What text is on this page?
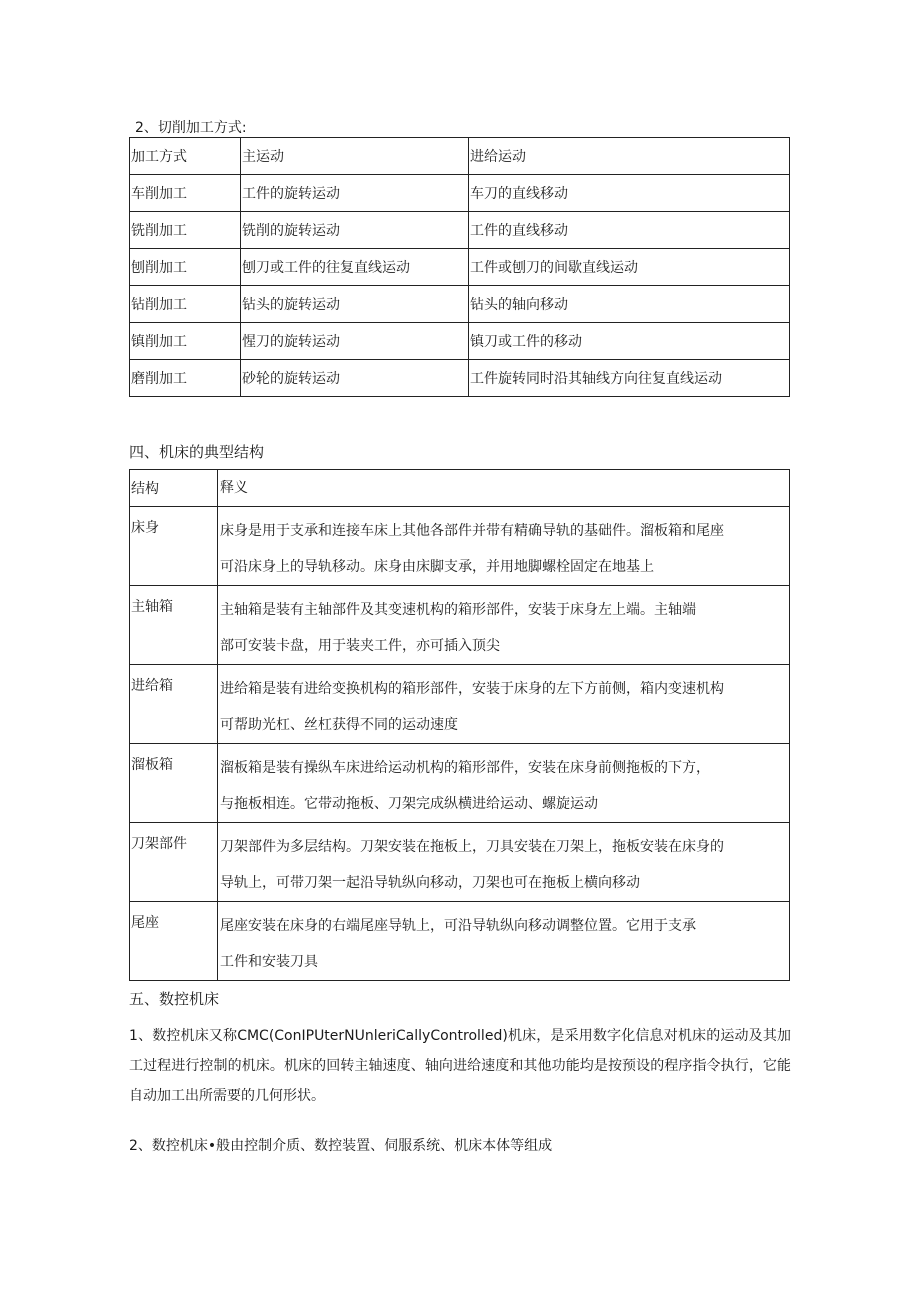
2、切削加工方式:
加工方式	主运动	进给运动
车削加工	工件的旋转运动	车刀的直线移动
铣削加工	铣削的旋转运动	工件的直线移动
刨削加工	刨刀或工件的往复直线运动	工件或刨刀的间歇直线运动
钻削加工	钻头的旋转运动	钻头的轴向移动
镇削加工	惺刀的旋转运动	镇刀或工件的移动
磨削加工	砂轮的旋转运动	工件旋转同时沿其轴线方向往复直线运动
四、机床的典型结构
结构	释义
床身	床身是用于支承和连接车床上其他各部件并带有精确导轨的基础件。溜板箱和尾座
可沿床身上的导轨移动。床身由床脚支承，并用地脚螺栓固定在地基上

主轴箱	主轴箱是装有主轴部件及其变速机构的箱形部件，安装于床身左上端。主轴端
部可安装卡盘，用于装夹工件，亦可插入顶尖

进给箱	进给箱是装有进给变换机构的箱形部件，安装于床身的左下方前侧，箱内变速机构
可帮助光杠、丝杠获得不同的运动速度

溜板箱	溜板箱是装有操纵车床进给运动机构的箱形部件，安装在床身前侧拖板的下方，
与拖板相连。它带动拖板、刀架完成纵横进给运动、螺旋运动

刀架部件	刀架部件为多层结构。刀架安装在拖板上，刀具安装在刀架上，拖板安装在床身的
导轨上，可带刀架一起沿导轨纵向移动，刀架也可在拖板上横向移动

尾座	尾座安装在床身的右端尾座导轨上，可沿导轨纵向移动调整位置。它用于支承
工件和安装刀具
五、数控机床
1、数控机床又称CMC(ConIPUterNUnleriCallyControlled)机床，是采用数字化信息对机床的运动及其加工过程进行控制的机床。机床的回转主轴速度、轴向进给速度和其他功能均是按预设的程序指令执行，它能自动加工出所需要的几何形状。
2、数控机床•般由控制介质、数控装置、伺服系统、机床本体等组成
